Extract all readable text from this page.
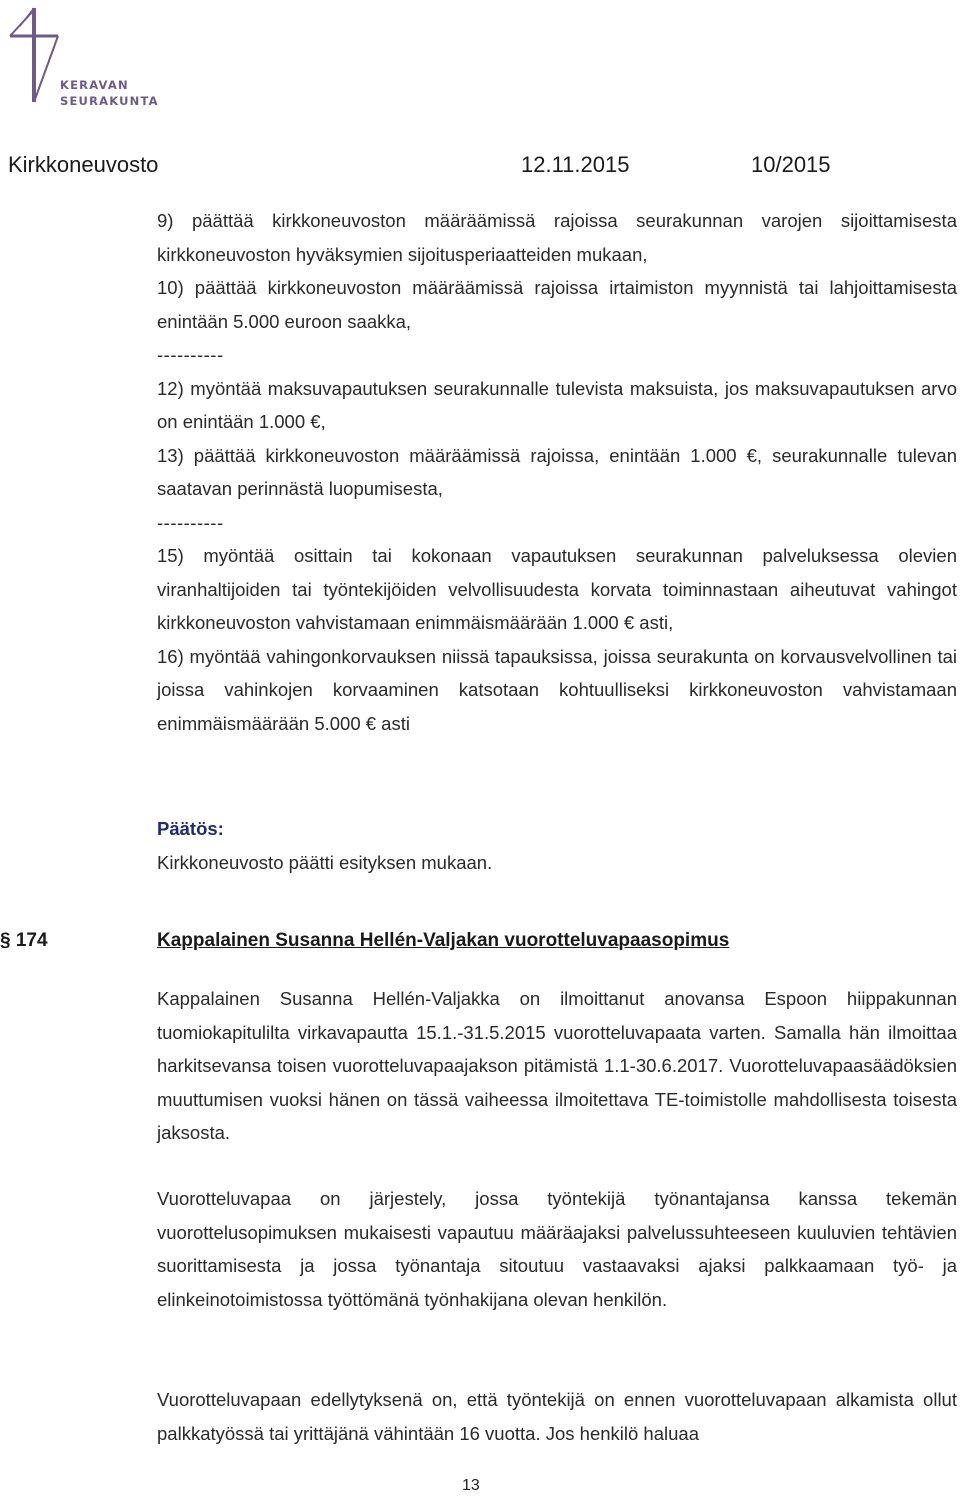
KERAVAN
SEURAKUNTA
Kirkkoneuvosto	12.11.2015	10/2015

9) päättää kirkkoneuvoston määräämissä rajoissa seurakunnan varojen sijoittamisesta kirkkoneuvoston hyväksymien sijoitusperiaatteiden mukaan,

10) päättää kirkkoneuvoston määräämissä rajoissa irtaimiston myynnistä tai lahjoittamisesta enintään 5.000 euroon saakka,

----------

12) myöntää maksuvapautuksen seurakunnalle tulevista maksuista, jos maksuvapautuksen arvo on enintään 1.000 €,

13) päättää kirkkoneuvoston määräämissä rajoissa, enintään 1.000 €, seurakunnalle tulevan saatavan perinnästä luopumisesta,

----------

15) myöntää osittain tai kokonaan vapautuksen seurakunnan palveluksessa olevien viranhaltijoiden tai työntekijöiden velvollisuudesta korvata toiminnastaan aiheutuvat vahingot kirkkoneuvoston vahvistamaan enimmäismäärään 1.000 € asti,

16) myöntää vahingonkorvauksen niissä tapauksissa, joissa seurakunta on korvausvelvollinen tai joissa vahinkojen korvaaminen katsotaan kohtuulliseksi kirkkoneuvoston vahvistamaan enimmäismäärään 5.000 € asti

Päätös:
Kirkkoneuvosto päätti esityksen mukaan.
§ 174	Kappalainen Susanna Hellén-Valjakan vuorotteluvapaasopimus
Kappalainen Susanna Hellén-Valjakka on ilmoittanut anovansa Espoon hiippakunnan tuomiokapitulilta virkavapautta 15.1.-31.5.2015 vuorotteluvapaata varten. Samalla hän ilmoittaa harkitsevansa toisen vuorotteluvapaajakson pitämistä 1.1-30.6.2017. Vuorotteluvapaasäädöksien muuttumisen vuoksi hänen on tässä vaiheessa ilmoitettava TE-toimistolle mahdollisesta toisesta jaksosta.
Vuorotteluvapaa on järjestely, jossa työntekijä työnantajansa kanssa tekemän vuorottelusopimuksen mukaisesti vapautuu määräajaksi palvelussuhteeseen kuuluvien tehtävien suorittamisesta ja jossa työnantaja sitoutuu vastaavaksi ajaksi palkkaamaan työ- ja elinkeinotoimistossa työttömänä työnhakijana olevan henkilön.
Vuorotteluvapaan edellytyksenä on, että työntekijä on ennen vuorotteluvapaan alkamista ollut palkkatyössä tai yrittäjänä vähintään 16 vuotta. Jos henkilö haluaa
13
